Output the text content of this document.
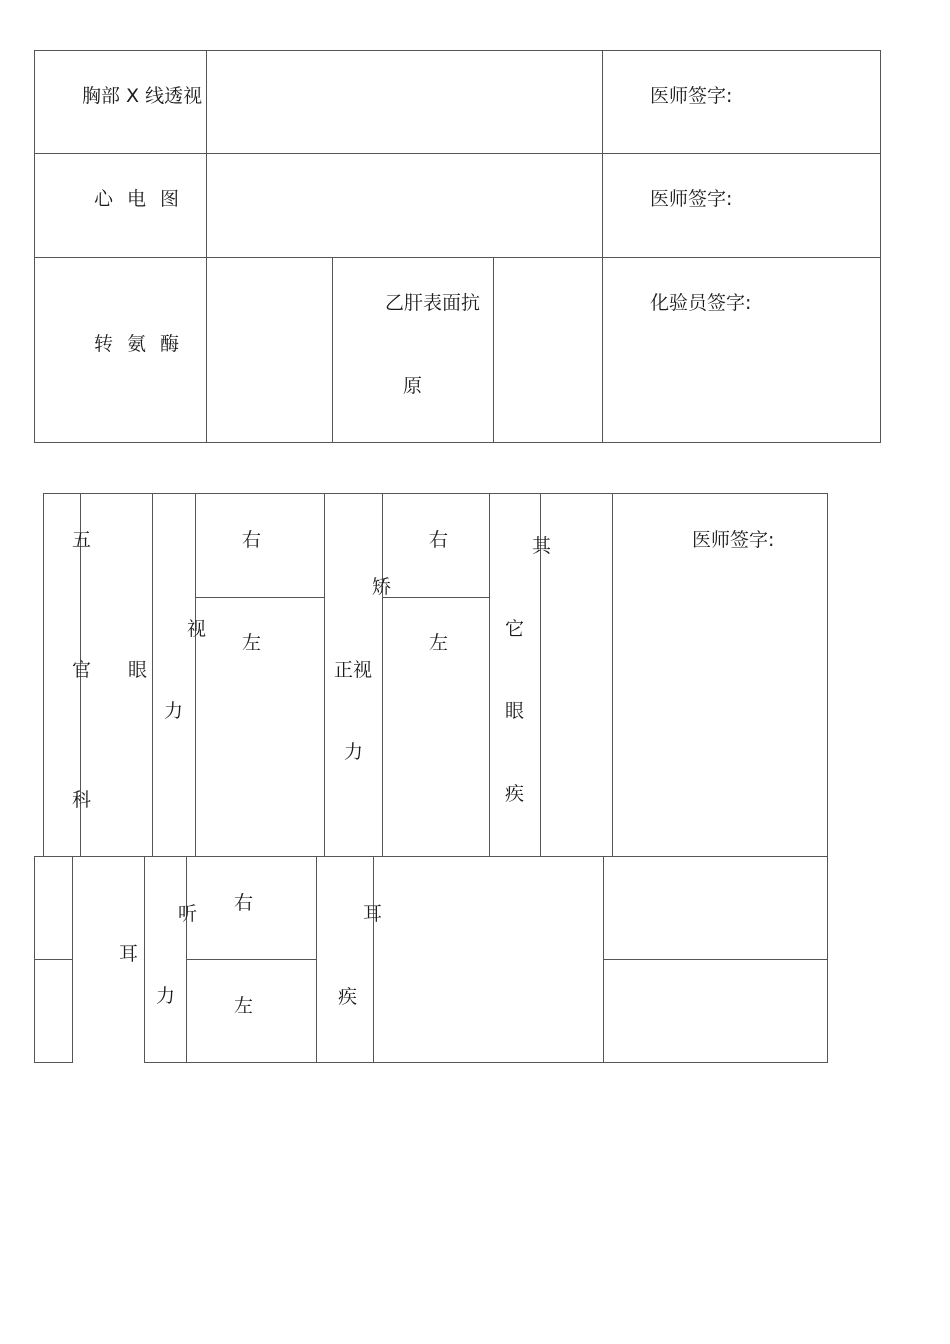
胸部 X 线透视	医师签字:
心电图	医师签字:
转氨酶
乙肝表面抗
原
化验员签字:
五
官
科
眼
视
力
右
左
矫
正视
力
右
左
其
它
眼
疾
医师签字:
耳
听
力
右
左
耳
疾
